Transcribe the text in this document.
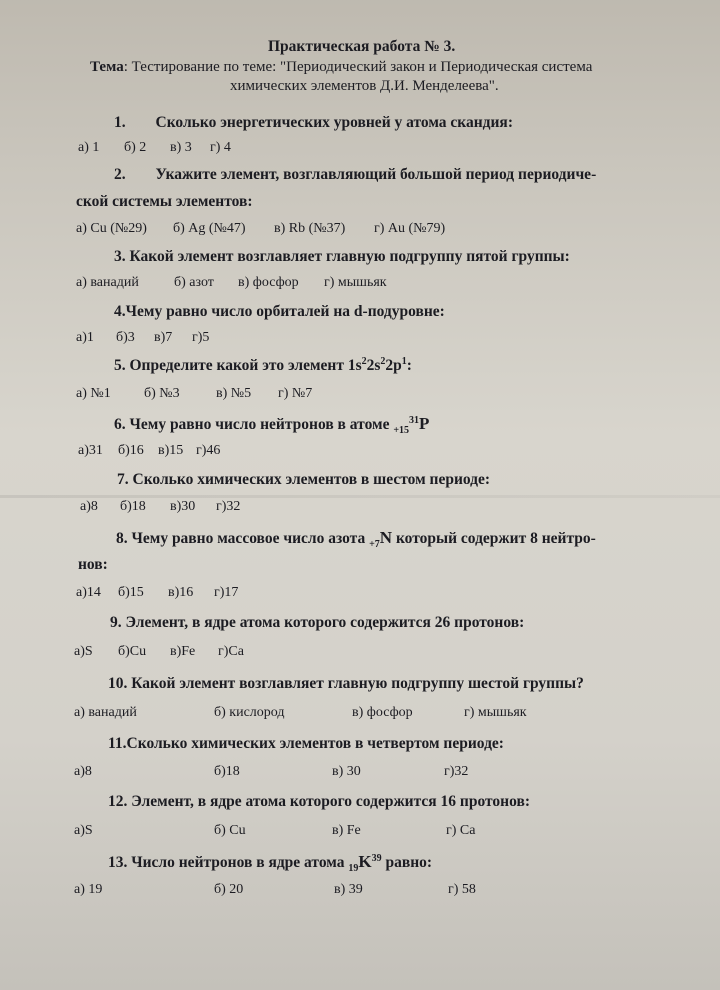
Практическая работа № 3.
Тема: Тестирование по теме: "Периодический закон и Периодическая система
химических элементов Д.И. Менделеева".
1. Сколько энергетических уровней у атома скандия:
а) 1 б) 2 в) 3 г) 4
2. Укажите элемент, возглавляющий большой период периодиче-
ской системы элементов:
а) Cu (№29) б) Ag (№47) в) Rb (№37) г) Au (№79)
3. Какой элемент возглавляет главную подгруппу пятой группы:
а) ванадий	б) азот в) фосфор г) мышьяк
4.Чему равно число орбиталей на d-подуровне:
а)1 б)3 в)7 г)5
5. Определите какой это элемент $1s^22s^22p^1$:
а) №1 б) №3	в) №5 г) №7
6. Чему равно число нейтронов в атоме $_{+15}^{31}$P
а)31 б)16 в)15 г)46
7. Сколько химических элементов в шестом периоде:
а)8 б)18 в)30 г)32
8. Чему равно массовое число азота $_{+7}$N который содержит 8 нейтро-
нов:
а)14 б)15 в)16 г)17
9. Элемент, в ядре атома которого содержится 26 протонов:
а)S б)Cu в)Fe г)Ca
10. Какой элемент возглавляет главную подгруппу шестой группы?
а) ванадий	б) кислород	в) фосфор	г) мышьяк
11.Сколько химических элементов в четвертом периоде:
а)8	б)18	в) 30	г)32
12. Элемент, в ядре атома которого содержится 16 протонов:
а)S	б) Cu	в) Fe	г) Ca
13. Число нейтронов в ядре атома $_{19}K^{39}$ равно:
а) 19	б) 20	в) 39	г) 58
